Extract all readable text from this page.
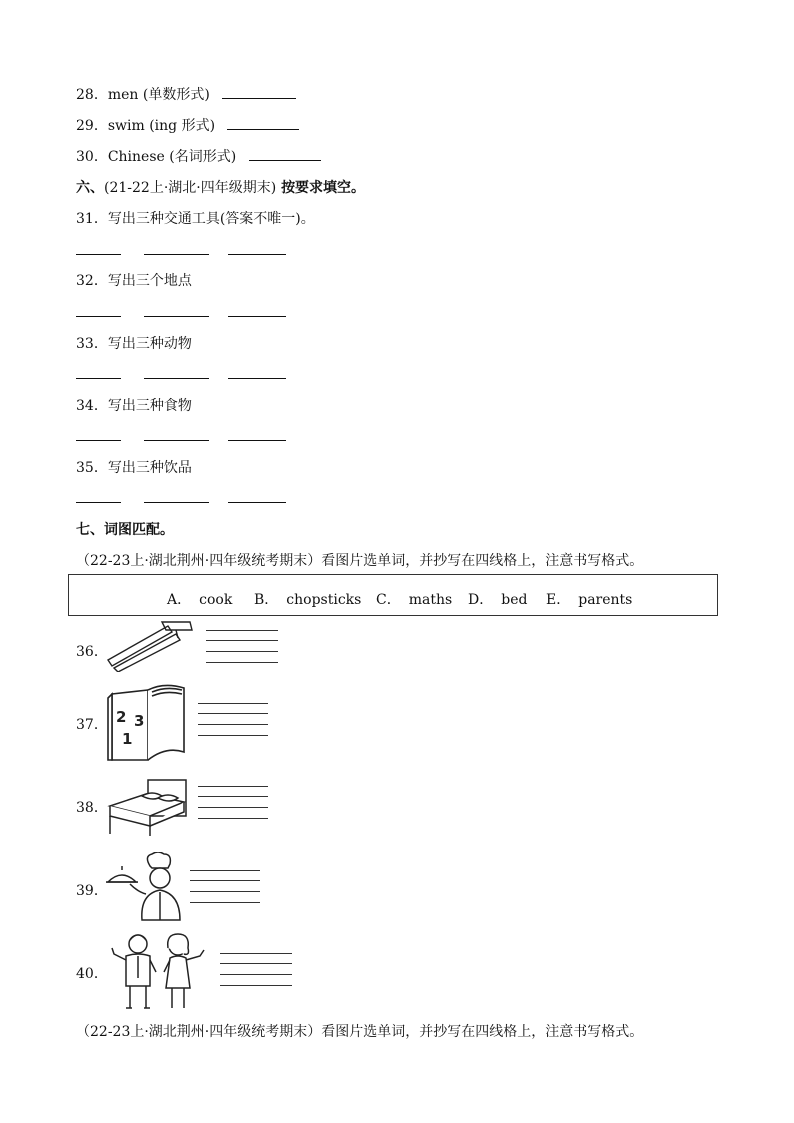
28．men (单数形式)
29．swim (ing 形式)
30．Chinese (名词形式)
六、(21-22上·湖北·四年级期末) 按要求填空。
31．写出三种交通工具(答案不唯一)。
32．写出三个地点
33．写出三种动物
34．写出三种食物
35．写出三种饮品
七、词图匹配。
（22-23上·湖北荆州·四年级统考期末）看图片选单词，并抄写在四线格上，注意书写格式。
A． cook B． chopsticks C． maths D． bed E． parents
36．
37． 2 3
1
38．
39．
40．
（22-23上·湖北荆州·四年级统考期末）看图片选单词，并抄写在四线格上，注意书写格式。
